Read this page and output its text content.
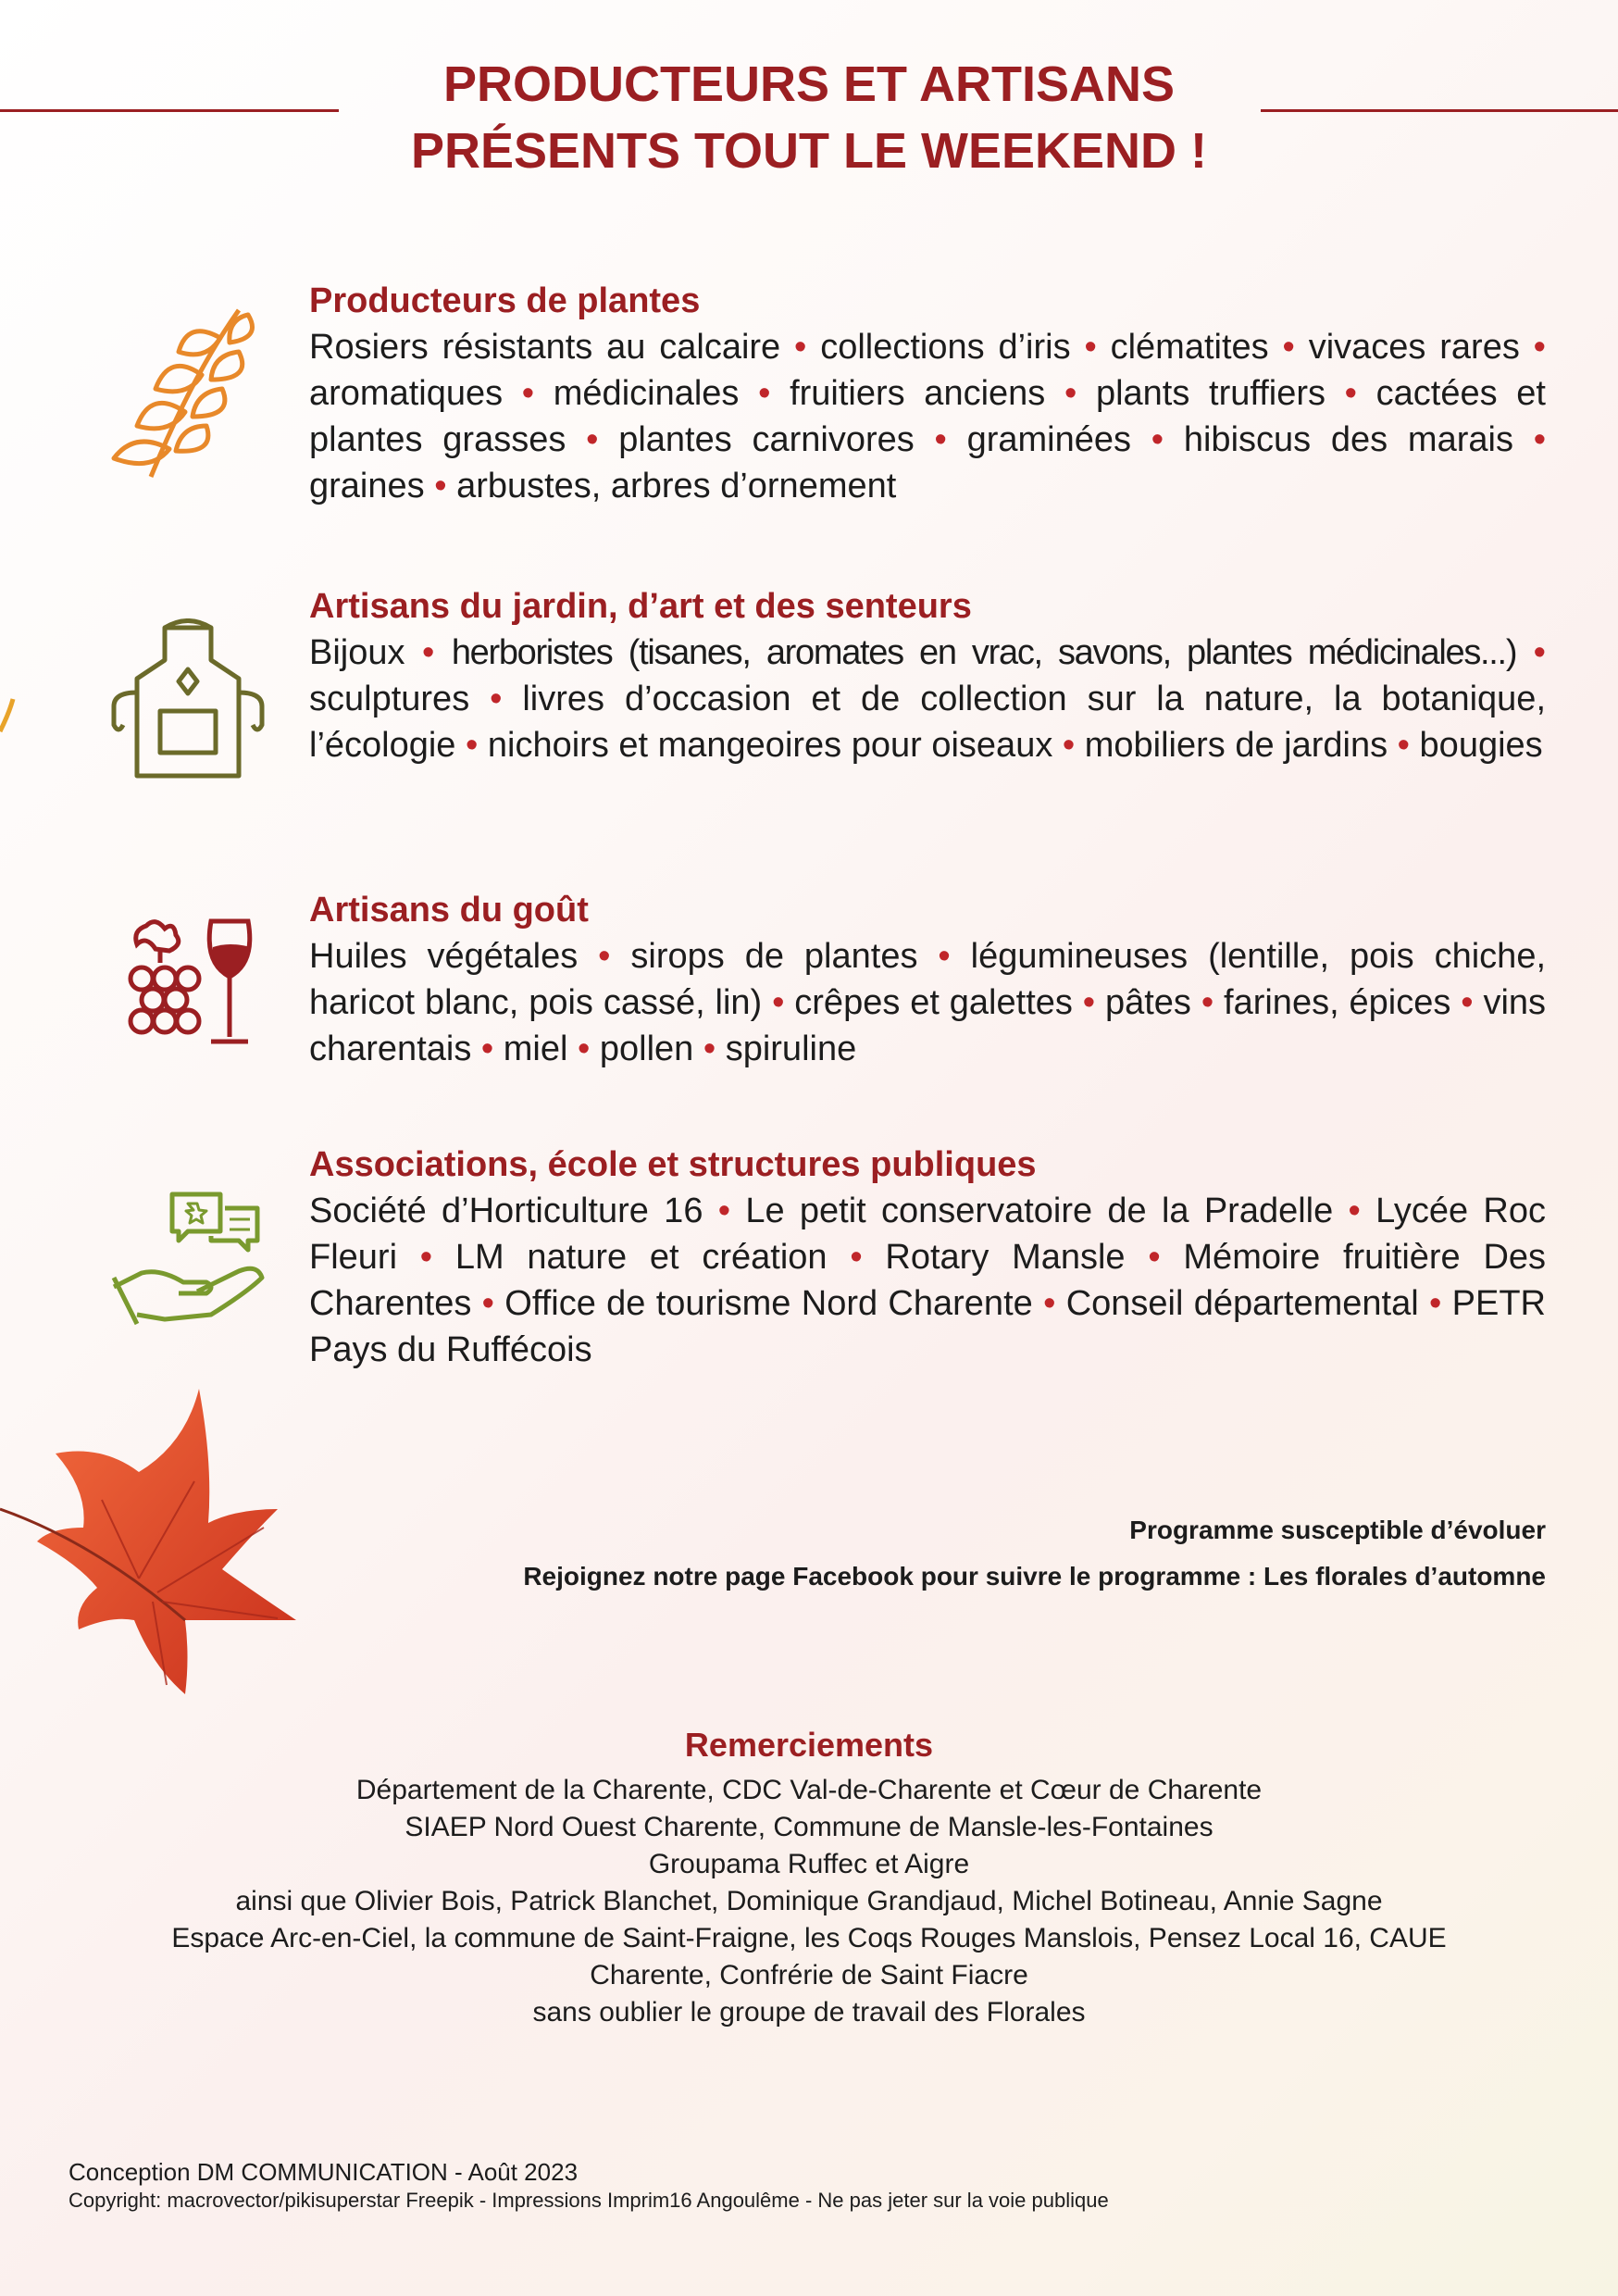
PRODUCTEURS ET ARTISANS
PRÉSENTS TOUT LE WEEKEND !
Producteurs de plantes
Rosiers résistants au calcaire • collections d’iris • clématites • vivaces rares • aromatiques • médicinales • fruitiers anciens • plants truffiers • cactées et plantes grasses • plantes carnivores • graminées • hibiscus des marais • graines • arbustes, arbres d’ornement
Artisans du jardin, d’art et des senteurs
Bijoux • herboristes (tisanes, aromates en vrac, savons, plantes médicinales...) • sculptures • livres d’occasion et de collection sur la nature, la botanique, l’écologie • nichoirs et mangeoires pour oiseaux • mobiliers de jardins • bougies
Artisans du goût
Huiles végétales • sirops de plantes • légumineuses (lentille, pois chiche, haricot blanc, pois cassé, lin) • crêpes et galettes • pâtes • farines, épices • vins charentais • miel • pollen • spiruline
Associations, école et structures publiques
Société d’Horticulture 16 • Le petit conservatoire de la Pradelle • Lycée Roc Fleuri • LM nature et création • Rotary Mansle • Mémoire fruitière Des Charentes • Office de tourisme Nord Charente • Conseil départemental • PETR Pays du Ruffécois
Programme susceptible d’évoluer
Rejoignez notre page Facebook pour suivre le programme : Les florales d’automne
Remerciements
Département de la Charente, CDC Val-de-Charente et Cœur de Charente
SIAEP Nord Ouest Charente, Commune de Mansle-les-Fontaines
Groupama Ruffec et Aigre
ainsi que Olivier Bois, Patrick Blanchet, Dominique Grandjaud, Michel Botineau, Annie Sagne
Espace Arc-en-Ciel, la commune de Saint-Fraigne, les Coqs Rouges Manslois, Pensez Local 16, CAUE
Charente, Confrérie de Saint Fiacre
sans oublier le groupe de travail des Florales
Conception DM COMMUNICATION - Août 2023
Copyright: macrovector/pikisuperstar Freepik - Impressions Imprim16 Angoulême - Ne pas jeter sur la voie publique
